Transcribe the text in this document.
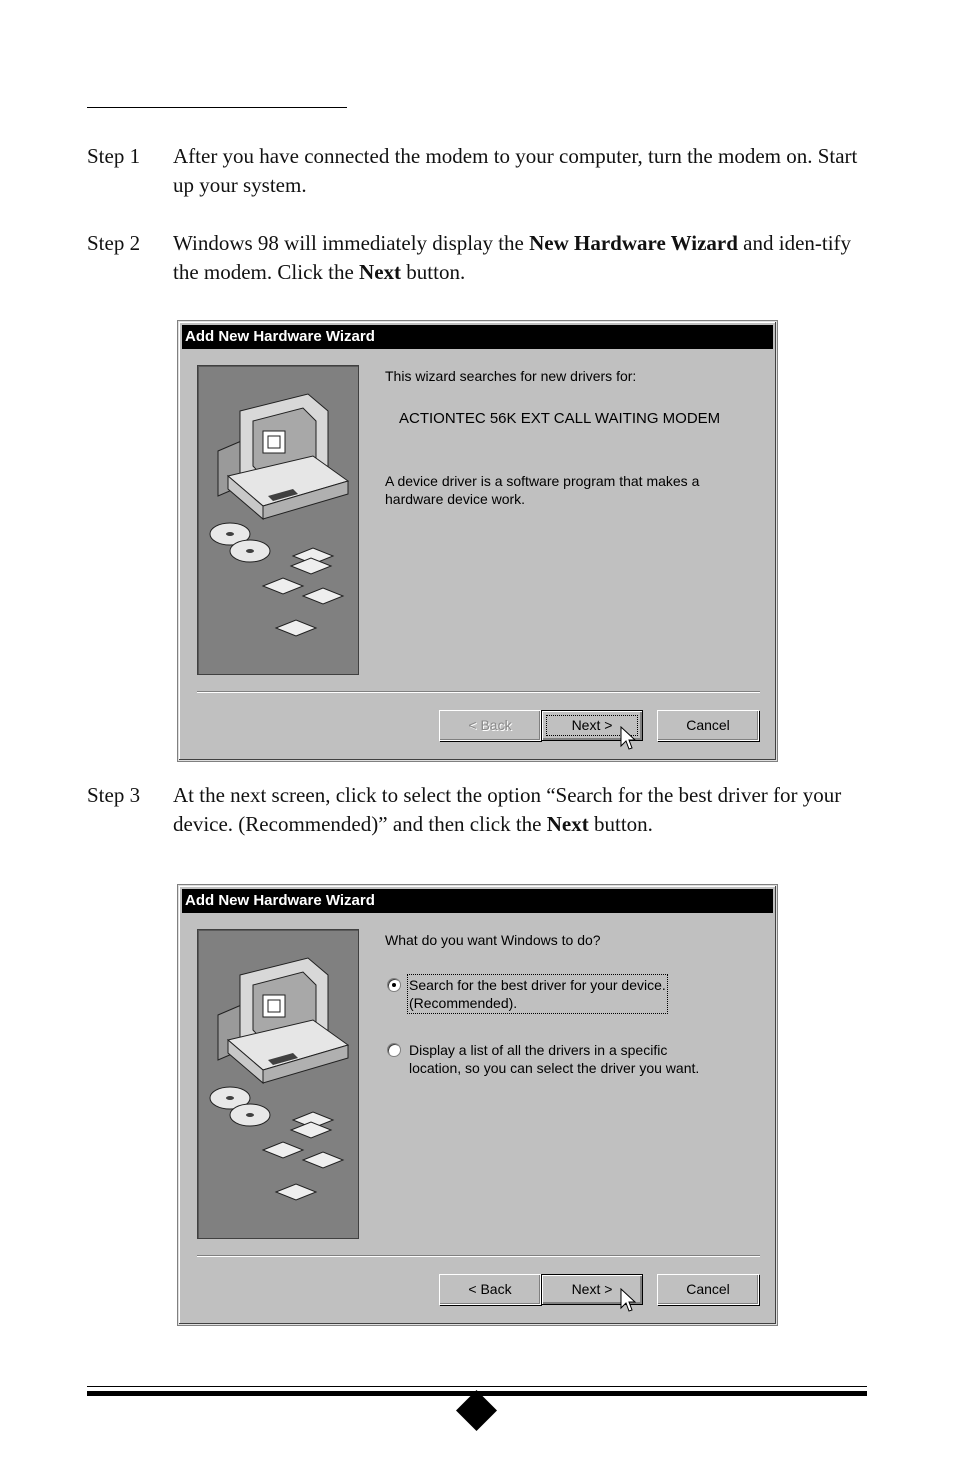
Step 1	After you have connected the modem to your computer, turn the modem on. Start up your system.
Step 2	Windows 98 will immediately display the New Hardware Wizard and iden-tify the modem. Click the Next button.
Add New Hardware Wizard
This wizard searches for new drivers for:
ACTIONTEC 56K EXT CALL WAITING MODEM
A device driver is a software program that makes a
hardware device work.
< Back	Next >	Cancel
Step 3	At the next screen, click to select the option “Search for the best driver for your device. (Recommended)” and then click the Next button.
Add New Hardware Wizard
What do you want Windows to do?
Search for the best driver for your device.
(Recommended).
Display a list of all the drivers in a specific
location, so you can select the driver you want.
< Back	Next >	Cancel
